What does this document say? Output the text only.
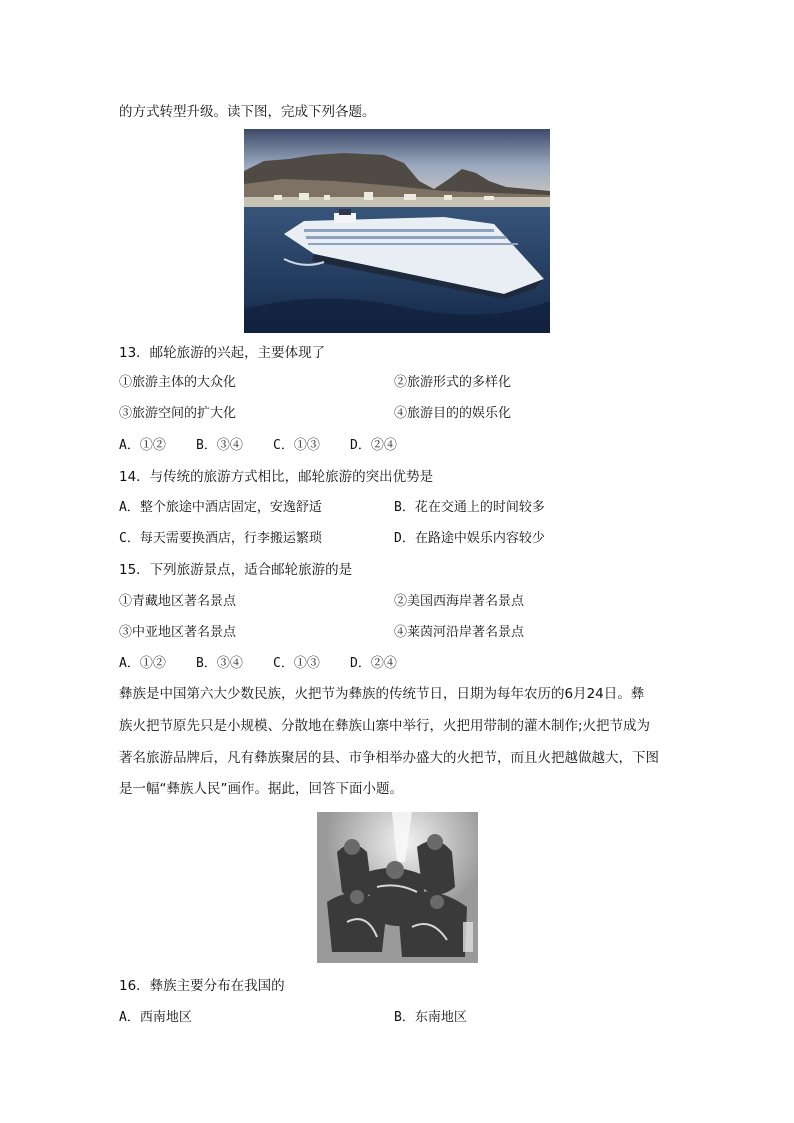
的方式转型升级。读下图，完成下列各题。
13．邮轮旅游的兴起，主要体现了
①旅游主体的大众化	②旅游形式的多样化
③旅游空间的扩大化	④旅游目的的娱乐化
A．①② B．③④ C．①③ D．②④
14．与传统的旅游方式相比，邮轮旅游的突出优势是
A．整个旅途中酒店固定，安逸舒适	B．花在交通上的时间较多
C．每天需要换酒店，行李搬运繁琐	D．在路途中娱乐内容较少
15．下列旅游景点，适合邮轮旅游的是
①青藏地区著名景点	②美国西海岸著名景点
③中亚地区著名景点	④莱茵河沿岸著名景点
A．①② B．③④ C．①③ D．②④
彝族是中国第六大少数民族，火把节为彝族的传统节日，日期为每年农历的6月24日。彝
族火把节原先只是小规模、分散地在彝族山寨中举行，火把用带制的灌木制作;火把节成为
著名旅游品牌后，凡有彝族聚居的县、市争相举办盛大的火把节，而且火把越做越大，下图
是一幅“彝族人民”画作。据此，回答下面小题。
16．彝族主要分布在我国的
A．西南地区	B．东南地区
